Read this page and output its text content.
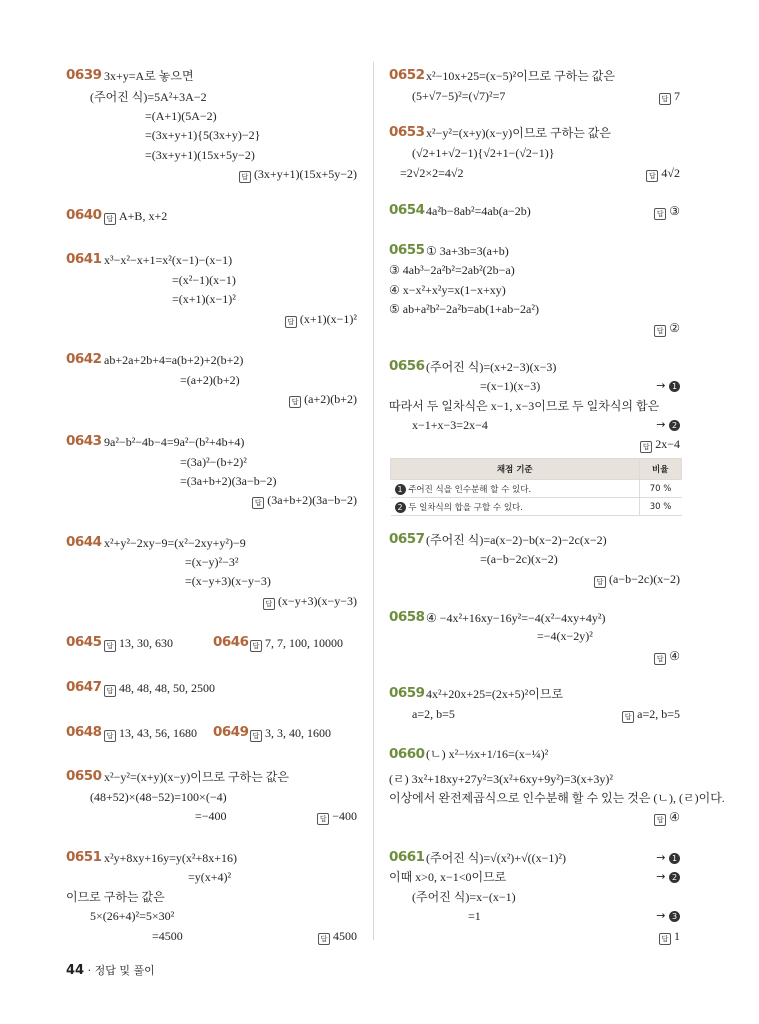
0639 3x+y=A로 놓으면
(주어진 식)=5A²+3A−2
=(A+1)(5A−2)
=(3x+y+1){5(3x+y)−2}
=(3x+y+1)(15x+5y−2)
답 (3x+y+1)(15x+5y−2)
0640 답 A+B, x+2
0641 x³−x²−x+1=x²(x−1)−(x−1)
=(x²−1)(x−1)
=(x+1)(x−1)²
답 (x+1)(x−1)²
0642 ab+2a+2b+4=a(b+2)+2(b+2)
=(a+2)(b+2)
답 (a+2)(b+2)
0643 9a²−b²−4b−4=9a²−(b²+4b+4)
=(3a)²−(b+2)²
=(3a+b+2)(3a−b−2)
답 (3a+b+2)(3a−b−2)
0644 x²+y²−2xy−9=(x²−2xy+y²)−9
=(x−y)²−3²
=(x−y+3)(x−y−3)
답 (x−y+3)(x−y−3)
0645 답 13, 30, 630	0646 답 7, 7, 100, 10000
0647 답 48, 48, 48, 50, 2500
0648 답 13, 43, 56, 1680 0649 답 3, 3, 40, 1600
0650 x²−y²=(x+y)(x−y)이므로 구하는 값은
(48+52)×(48−52)=100×(−4)
=−400	답 −400
0651 x²y+8xy+16y=y(x²+8x+16)
=y(x+4)²
이므로 구하는 값은
5×(26+4)²=5×30²
=4500	답 4500
0652 x²−10x+25=(x−5)²이므로 구하는 값은
(5+√7−5)²=(√7)²=7	답 7
0653 x²−y²=(x+y)(x−y)이므로 구하는 값은
(√2+1+√2−1){√2+1−(√2−1)}
=2√2×2=4√2	답 4√2
0654 4a²b−8ab²=4ab(a−2b)	답 ③
0655 ① 3a+3b=3(a+b)
③ 4ab³−2a²b²=2ab²(2b−a)
④ x−x²+x²y=x(1−x+xy)
⑤ ab+a²b²−2a²b=ab(1+ab−2a²)
답 ②
0656 (주어진 식)=(x+2−3)(x−3)
=(x−1)(x−3)	→ 1
따라서 두 일차식은 x−1, x−3이므로 두 일차식의 합은
x−1+x−3=2x−4	→ 2
답 2x−4
채점 기준	비율
1 주어진 식을 인수분해 할 수 있다.	70 %
2 두 일차식의 합을 구할 수 있다.	30 %
0657 (주어진 식)=a(x−2)−b(x−2)−2c(x−2)
=(a−b−2c)(x−2)
답 (a−b−2c)(x−2)
0658 ④ −4x²+16xy−16y²=−4(x²−4xy+4y²)
=−4(x−2y)²
답 ④
0659 4x²+20x+25=(2x+5)²이므로
a=2, b=5	답 a=2, b=5
0660 (ㄴ) x²−½x+1/16=(x−¼)²
(ㄹ) 3x²+18xy+27y²=3(x²+6xy+9y²)=3(x+3y)²
이상에서 완전제곱식으로 인수분해 할 수 있는 것은 (ㄴ), (ㄹ)이다.
답 ④
0661 (주어진 식)=√(x²)+√((x−1)²)	→ 1
이때 x>0, x−1<0이므로	→ 2
(주어진 식)=x−(x−1)
=1	→ 3
답 1
44 · 정답 및 풀이
